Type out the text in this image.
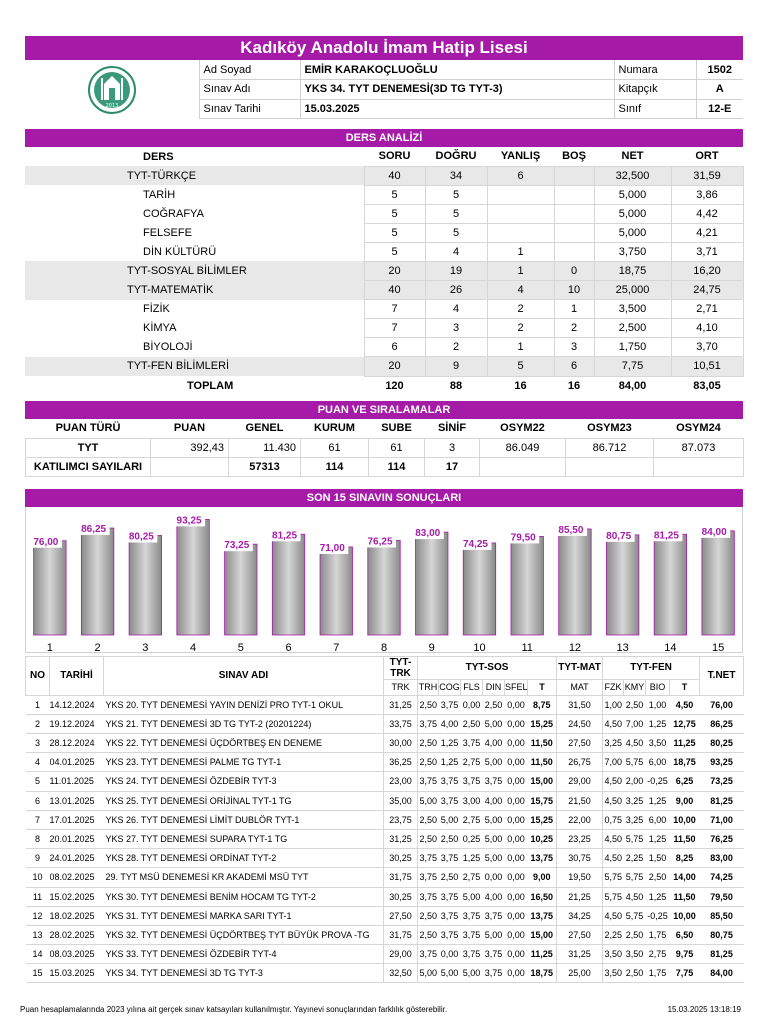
Kadıköy Anadolu İmam Hatip Lisesi
2013
Ad Soyad	EMİR KARAKOÇLUOĞLU	Numara	1502
Sınav Adı	YKS 34. TYT DENEMESİ(3D TG TYT-3)	Kitapçık	A
Sınav Tarihi	15.03.2025	Sınıf	12-E
DERS ANALİZİ
	DERS	SORU	DOĞRU	YANLIŞ	BOŞ	NET	ORT
	TYT-TÜRKÇE	40	34	6		32,500	31,59
	TARİH	5	5			5,000	3,86
	COĞRAFYA	5	5			5,000	4,42
	FELSEFE	5	5			5,000	4,21
	DİN KÜLTÜRÜ	5	4	1		3,750	3,71
	TYT-SOSYAL BİLİMLER	20	19	1	0	18,75	16,20
	TYT-MATEMATİK	40	26	4	10	25,000	24,75
	FİZİK	7	4	2	1	3,500	2,71
	KİMYA	7	3	2	2	2,500	4,10
	BİYOLOJİ	6	2	1	3	1,750	3,70
	TYT-FEN BİLİMLERİ	20	9	5	6	7,75	10,51
	TOPLAM	120	88	16	16	84,00	83,05
PUAN VE SIRALAMALAR
PUAN TÜRÜ	PUAN	GENEL	KURUM	SUBE	SİNİF	OSYM22	OSYM23	OSYM24
TYT	392,43	11.430	61	61	3	86.049	86.712	87.073
KATILIMCI SAYILARI		57313	114	114	17			
SON 15 SINAVIN SONUÇLARI
76,00
86,25
80,25
93,25
73,25
81,25
71,00
76,25
83,00
74,25
79,50
85,50
80,75 81,25 84,00
1	2	3	4	5	6	7	8	9	10	11	12	13	14	15
NO	TARİHİ	SINAV ADI	TYT-TRK	TYT-SOS						TYT-MAT	TYT-FEN				T.NET
			TRK	TRH	COG	FLS	DIN	SFEL	T	MAT	FZK	KMY	BIO	T	
1	14.12.2024	YKS 20. TYT DENEMESİ YAYIN DENİZİ PRO TYT-1 OKUL	31,25	2,50	3,75	0,00	2,50	0,00	8,75	31,50	1,00	2,50	1,00	4,50	76,00
2	19.12.2024	YKS 21. TYT DENEMESİ 3D TG TYT-2 (20201224)	33,75	3,75	4,00	2,50	5,00	0,00	15,25	24,50	4,50	7,00	1,25	12,75	86,25
3	28.12.2024	YKS 22. TYT DENEMESİ ÜÇDÖRTBEŞ EN DENEME	30,00	2,50	1,25	3,75	4,00	0,00	11,50	27,50	3,25	4,50	3,50	11,25	80,25
4	04.01.2025	YKS 23. TYT DENEMESİ PALME TG TYT-1	36,25	2,50	1,25	2,75	5,00	0,00	11,50	26,75	7,00	5,75	6,00	18,75	93,25
5	11.01.2025	YKS 24. TYT DENEMESİ ÖZDEBİR TYT-3	23,00	3,75	3,75	3,75	3,75	0,00	15,00	29,00	4,50	2,00	-0,25	6,25	73,25
6	13.01.2025	YKS 25. TYT DENEMESİ ORİJİNAL TYT-1 TG	35,00	5,00	3,75	3,00	4,00	0,00	15,75	21,50	4,50	3,25	1,25	9,00	81,25
7	17.01.2025	YKS 26. TYT DENEMESİ LİMİT DUBLÖR TYT-1	23,75	2,50	5,00	2,75	5,00	0,00	15,25	22,00	0,75	3,25	6,00	10,00	71,00
8	20.01.2025	YKS 27. TYT DENEMESİ SUPARA TYT-1 TG	31,25	2,50	2,50	0,25	5,00	0,00	10,25	23,25	4,50	5,75	1,25	11,50	76,25
9	24.01.2025	YKS 28. TYT DENEMESİ ORDİNAT TYT-2	30,25	3,75	3,75	1,25	5,00	0,00	13,75	30,75	4,50	2,25	1,50	8,25	83,00
10	08.02.2025	29. TYT MSÜ DENEMESİ KR AKADEMİ MSÜ TYT	31,75	3,75	2,50	2,75	0,00	0,00	9,00	19,50	5,75	5,75	2,50	14,00	74,25
11	15.02.2025	YKS 30. TYT DENEMESİ BENİM HOCAM TG TYT-2	30,25	3,75	3,75	5,00	4,00	0,00	16,50	21,25	5,75	4,50	1,25	11,50	79,50
12	18.02.2025	YKS 31. TYT DENEMESİ MARKA SARI TYT-1	27,50	2,50	3,75	3,75	3,75	0,00	13,75	34,25	4,50	5,75	-0,25	10,00	85,50
13	28.02.2025	YKS 32. TYT DENEMESİ ÜÇDÖRTBEŞ TYT BÜYÜK PROVA -TG	31,75	2,50	3,75	3,75	5,00	0,00	15,00	27,50	2,25	2,50	1,75	6,50	80,75
14	08.03.2025	YKS 33. TYT DENEMESİ ÖZDEBİR TYT-4	29,00	3,75	0,00	3,75	3,75	0,00	11,25	31,25	3,50	3,50	2,75	9,75	81,25
15	15.03.2025	YKS 34. TYT DENEMESİ 3D TG TYT-3	32,50	5,00	5,00	5,00	3,75	0,00	18,75	25,00	3,50	2,50	1,75	7,75	84,00
Puan hesaplamalarında 2023 yılına ait gerçek sınav katsayıları kullanılmıştır. Yayınevi sonuçlarından farklılık gösterebilir.	15.03.2025 13:18:19
